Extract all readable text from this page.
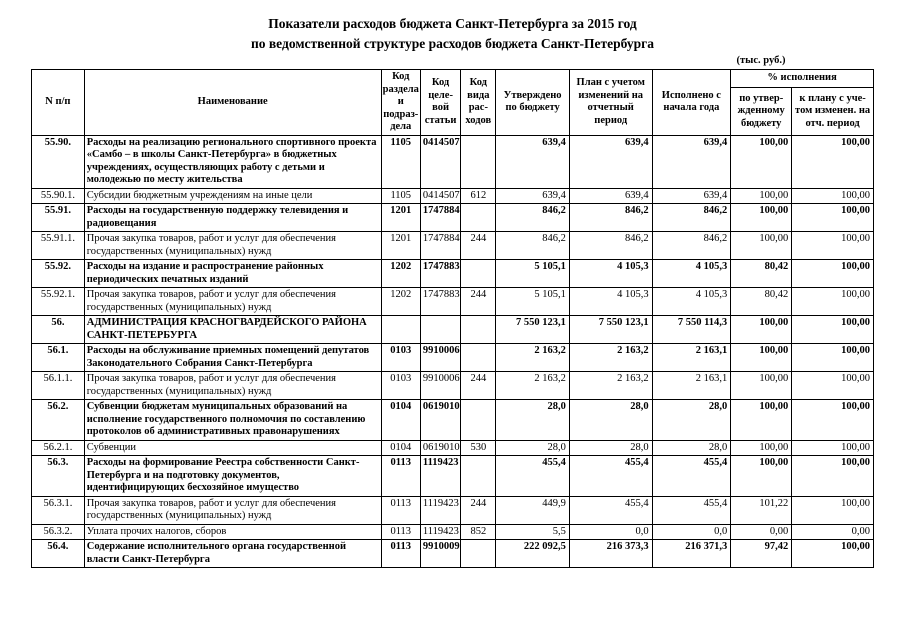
Показатели расходов бюджета Санкт-Петербурга за 2015 год
по ведомственной структуре расходов бюджета Санкт-Петербурга
(тыс. руб.)
N п/п	Наименование	Код раздела и подраз-дела	Код целе-вой статьи	Код вида рас-ходов	Утверждено по бюджету	План с учетом изменений на отчетный период	Исполнено с начала года	% исполнения	
								по утвер-жденному бюджету	к плану с уче-том изменен. на отч. период
55.90.	Расходы на реализацию регионального спортивного проекта «Самбо – в школы Санкт-Петербурга» в бюджетных учреждениях, осуществляющих работу с детьми и молодежью по месту жительства	1105	0414507		639,4	639,4	639,4	100,00	100,00
55.90.1.	Субсидии бюджетным учреждениям на иные цели	1105	0414507	612	639,4	639,4	639,4	100,00	100,00
55.91.	Расходы на государственную поддержку телевидения и радиовещания	1201	1747884		846,2	846,2	846,2	100,00	100,00
55.91.1.	Прочая закупка товаров, работ и услуг для обеспечения государственных (муниципальных) нужд	1201	1747884	244	846,2	846,2	846,2	100,00	100,00
55.92.	Расходы на издание и распространение районных периодических печатных изданий	1202	1747883		5 105,1	4 105,3	4 105,3	80,42	100,00
55.92.1.	Прочая закупка товаров, работ и услуг для обеспечения государственных (муниципальных) нужд	1202	1747883	244	5 105,1	4 105,3	4 105,3	80,42	100,00
56.	АДМИНИСТРАЦИЯ КРАСНОГВАРДЕЙСКОГО РАЙОНА САНКТ-ПЕТЕРБУРГА				7 550 123,1	7 550 123,1	7 550 114,3	100,00	100,00
56.1.	Расходы на обслуживание приемных помещений депутатов Законодательного Собрания Санкт-Петербурга	0103	9910006		2 163,2	2 163,2	2 163,1	100,00	100,00
56.1.1.	Прочая закупка товаров, работ и услуг для обеспечения государственных (муниципальных) нужд	0103	9910006	244	2 163,2	2 163,2	2 163,1	100,00	100,00
56.2.	Субвенции бюджетам муниципальных образований на исполнение государственного полномочия по составлению протоколов об административных правонарушениях	0104	0619010		28,0	28,0	28,0	100,00	100,00
56.2.1.	Субвенции	0104	0619010	530	28,0	28,0	28,0	100,00	100,00
56.3.	Расходы на формирование Реестра собственности Санкт-Петербурга и на подготовку документов, идентифицирующих бесхозяйное имущество	0113	1119423		455,4	455,4	455,4	100,00	100,00
56.3.1.	Прочая закупка товаров, работ и услуг для обеспечения государственных (муниципальных) нужд	0113	1119423	244	449,9	455,4	455,4	101,22	100,00
56.3.2.	Уплата прочих налогов, сборов	0113	1119423	852	5,5	0,0	0,0	0,00	0,00
56.4.	Содержание исполнительного органа государственной власти Санкт-Петербурга	0113	9910009		222 092,5	216 373,3	216 371,3	97,42	100,00
